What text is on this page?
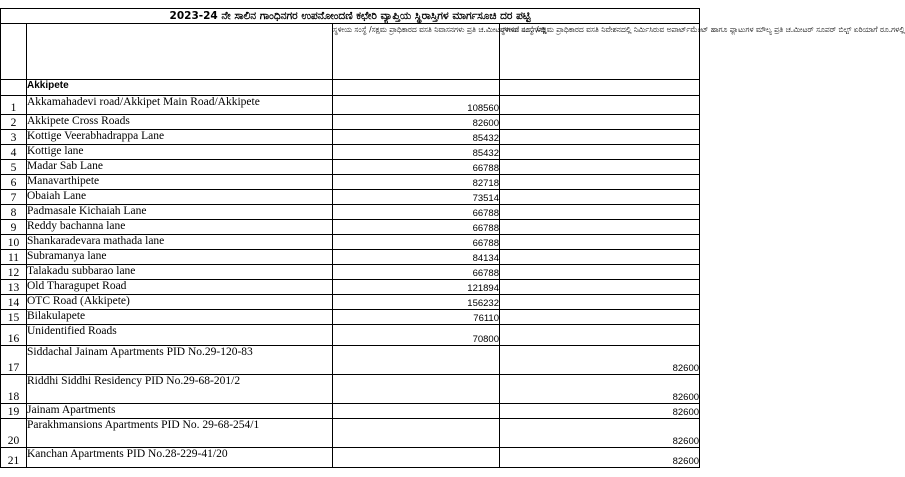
2023-24 ನೇ ಸಾಲಿನ ಗಾಂಧಿನಗರ ಉಪನೋಂದಣಿ ಕಛೇರಿ ವ್ಯಾಪ್ತಿಯ ಸ್ಥಿರಾಸ್ತಿಗಳ ಮಾರ್ಗಸೂಚಿ ದರ ಪಟ್ಟಿ			
		ಸ್ಥಳೀಯ ಸಂಸ್ಥೆ /ಸಕ್ಷಮ ಪ್ರಾಧಿಕಾರದ ವಸತಿ ನಿವಾಸನಗಳು ಪ್ರತಿ ಚ.ಮೀಟರ್‌ಗಳಿಗೆ ರೂ.ಗಳಲ್ಲಿ	ಸ್ಥಳೀಯ ಸಂಸ್ಥೆ /ಸಕ್ಷಮ ಪ್ರಾಧಿಕಾರದ ವಸತಿ ನಿವೇಶನದಲ್ಲಿ ನಿರ್ಮಿಸಿರುವ ಅಪಾರ್ಟ್‌ಮೆಂಟ್ ಹಾಗೂ ಫ್ಲಾಟುಗಳ ಮೌಲ್ಯ ಪ್ರತಿ ಚ.ಮೀಟರ್ ಸೂಪರ್ ಬಿಲ್ಟ್ ಏರಿಯಾಗೆ ರೂ.ಗಳಲ್ಲಿ
	Akkipete		
1	Akkamahadevi road/Akkipet Main Road/Akkipete	108560	
2	Akkipete Cross Roads	82600	
3	Kottige Veerabhadrappa Lane	85432	
4	Kottige lane	85432	
5	Madar Sab Lane	66788	
6	Manavarthipete	82718	
7	Obaiah Lane	73514	
8	Padmasale Kichaiah Lane	66788	
9	Reddy bachanna lane	66788	
10	Shankaradevara mathada lane	66788	
11	Subramanya lane	84134	
12	Talakadu subbarao lane	66788	
13	Old Tharagupet Road	121894	
14	OTC Road (Akkipete)	156232	
15	Bilakulapete	76110	
16	Unidentified Roads	70800	
17	Siddachal Jainam Apartments PID No.29-120-83		82600
18	Riddhi Siddhi Residency PID No.29-68-201/2		82600
19	Jainam Apartments		82600
20	Parakhmansions Apartments PID No. 29-68-254/1		82600
21	Kanchan Apartments PID No.28-229-41/20		82600
